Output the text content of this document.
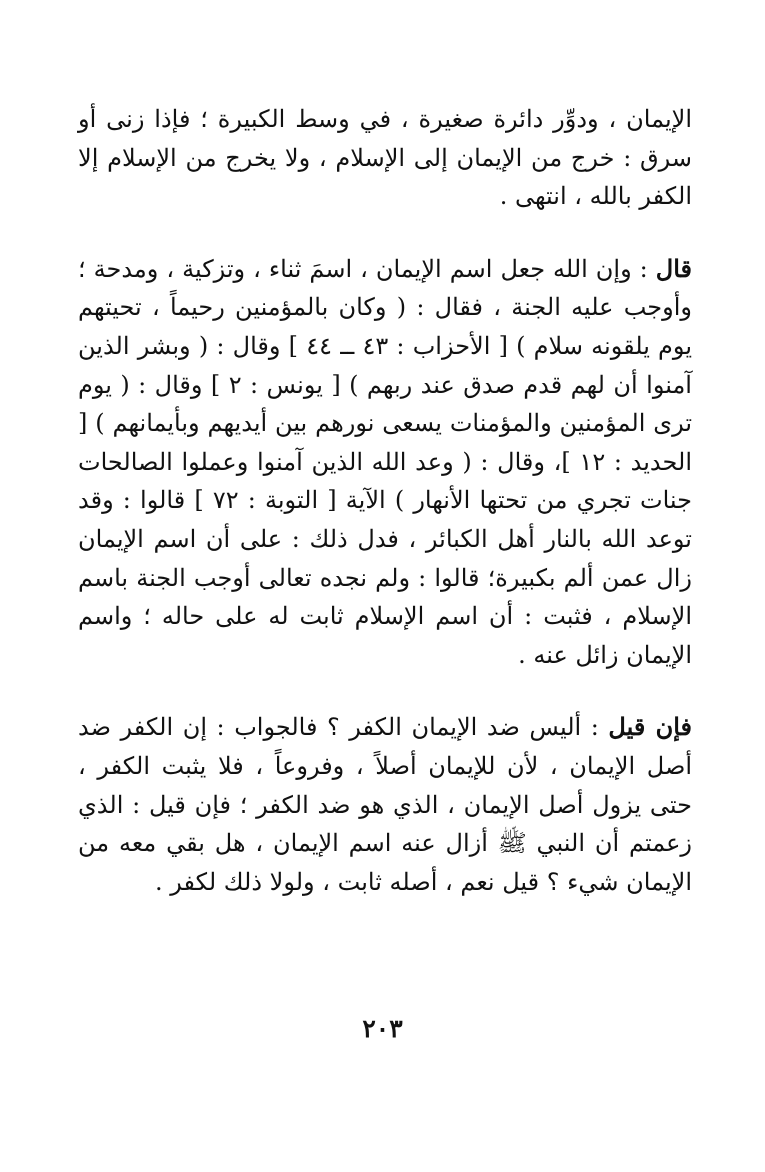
الإيمان ، ودوِّر دائرة صغيرة ، في وسط الكبيرة ؛ فإذا زنى أو سرق : خرج من الإيمان إلى الإسلام ، ولا يخرج من الإسلام إلا الكفر بالله ، انتهى .

قال : وإن الله جعل اسم الإيمان ، اسمَ ثناء ، وتزكية ، ومدحة ؛ وأوجب عليه الجنة ، فقال : ( وكان بالمؤمنين رحيماً ، تحيتهم يوم يلقونه سلام ) [ الأحزاب : ٤٣ ــ ٤٤ ] وقال : ( وبشر الذين آمنوا أن لهم قدم صدق عند ربهم ) [ يونس : ٢ ] وقال : ( يوم ترى المؤمنين والمؤمنات يسعى نورهم بين أيديهم وبأيمانهم ) [ الحديد : ١٢ ]، وقال : ( وعد الله الذين آمنوا وعملوا الصالحات جنات تجري من تحتها الأنهار ) الآية [ التوبة : ٧٢ ] قالوا : وقد توعد الله بالنار أهل الكبائر ، فدل ذلك : على أن اسم الإيمان زال عمن ألم بكبيرة؛ قالوا : ولم نجده تعالى أوجب الجنة باسم الإسلام ، فثبت : أن اسم الإسلام ثابت له على حاله ؛ واسم الإيمان زائل عنه .

فإن قيل : أليس ضد الإيمان الكفر ؟ فالجواب : إن الكفر ضد أصل الإيمان ، لأن للإيمان أصلاً ، وفروعاً ، فلا يثبت الكفر ، حتى يزول أصل الإيمان ، الذي هو ضد الكفر ؛ فإن قيل : الذي زعمتم أن النبي ﷺ أزال عنه اسم الإيمان ، هل بقي معه من الإيمان شيء ؟ قيل نعم ، أصله ثابت ، ولولا ذلك لكفر .

٢٠٣
